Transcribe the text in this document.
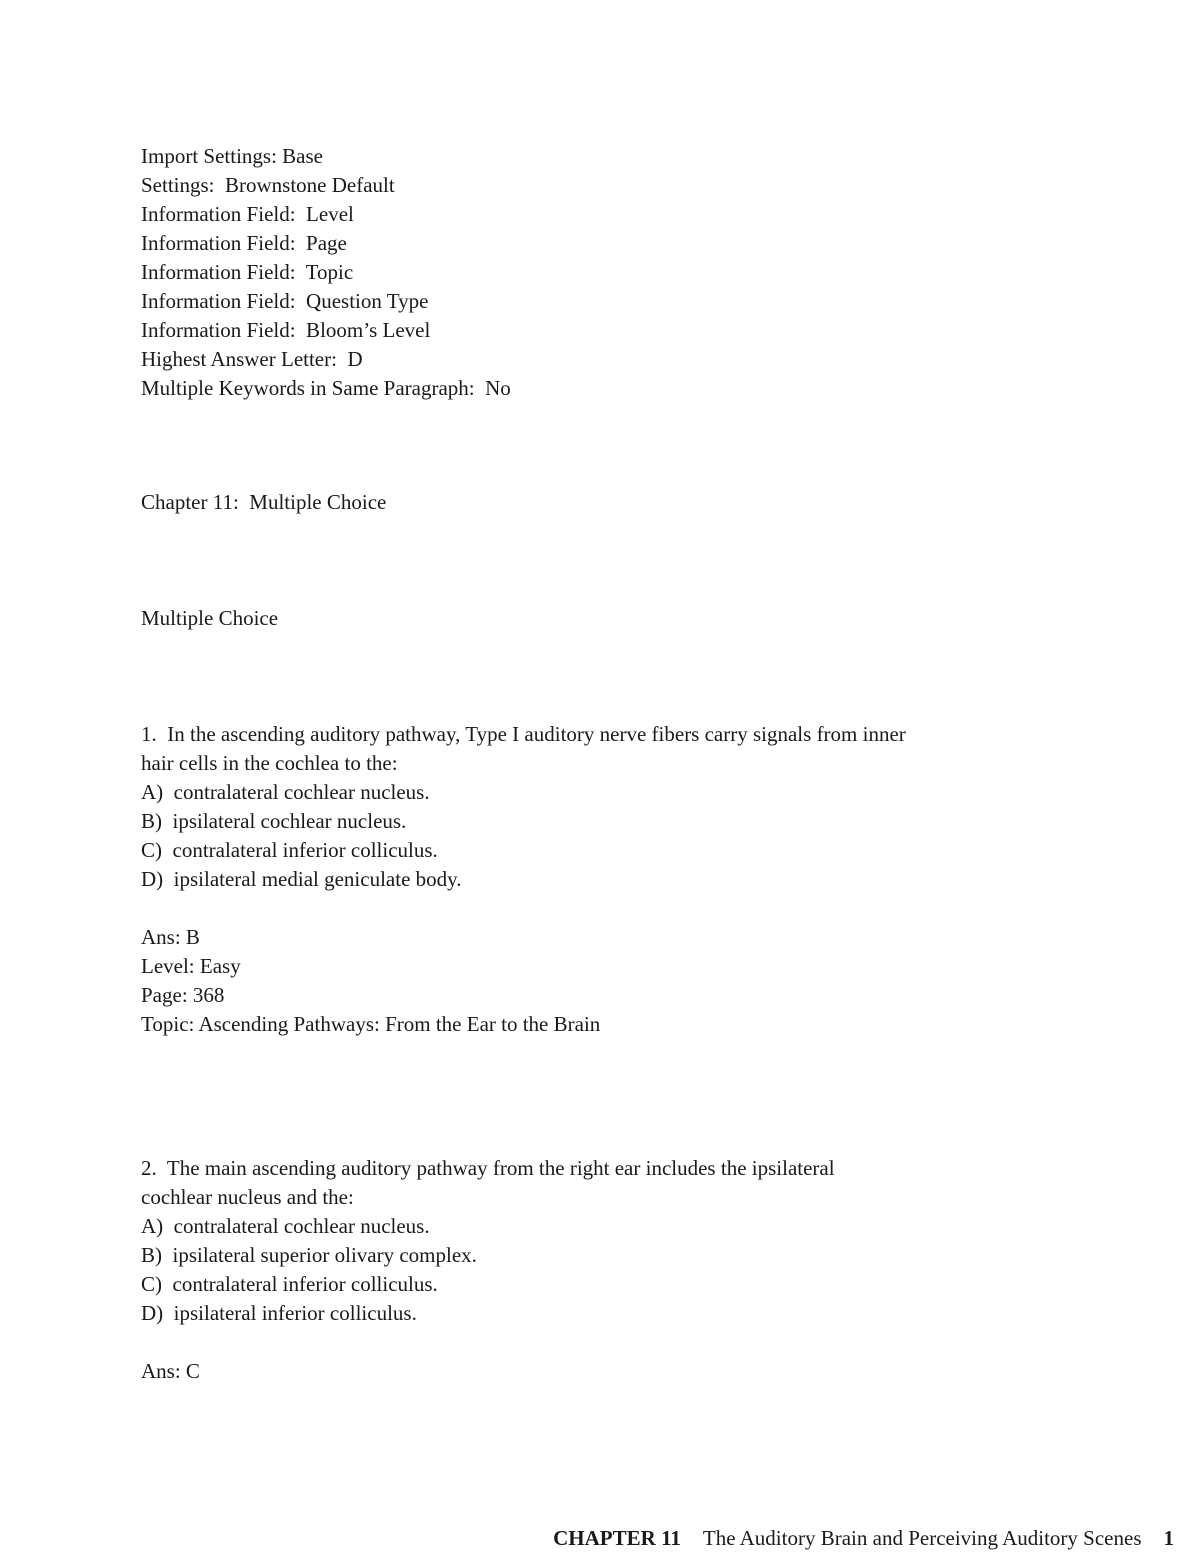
Import Settings: Base
Settings:  Brownstone Default
Information Field:  Level
Information Field:  Page
Information Field:  Topic
Information Field:  Question Type
Information Field:  Bloom’s Level
Highest Answer Letter:  D
Multiple Keywords in Same Paragraph:  No
Chapter 11:  Multiple Choice
Multiple Choice
1.  In the ascending auditory pathway, Type I auditory nerve fibers carry signals from inner
hair cells in the cochlea to the:
A)  contralateral cochlear nucleus.
B)  ipsilateral cochlear nucleus.
C)  contralateral inferior colliculus.
D)  ipsilateral medial geniculate body.
Ans: B
Level: Easy
Page: 368
Topic: Ascending Pathways: From the Ear to the Brain
2.  The main ascending auditory pathway from the right ear includes the ipsilateral
cochlear nucleus and the:
A)  contralateral cochlear nucleus.
B)  ipsilateral superior olivary complex.
C)  contralateral inferior colliculus.
D)  ipsilateral inferior colliculus.
Ans: C
CHAPTER 11 The Auditory Brain and Perceiving Auditory Scenes 1
